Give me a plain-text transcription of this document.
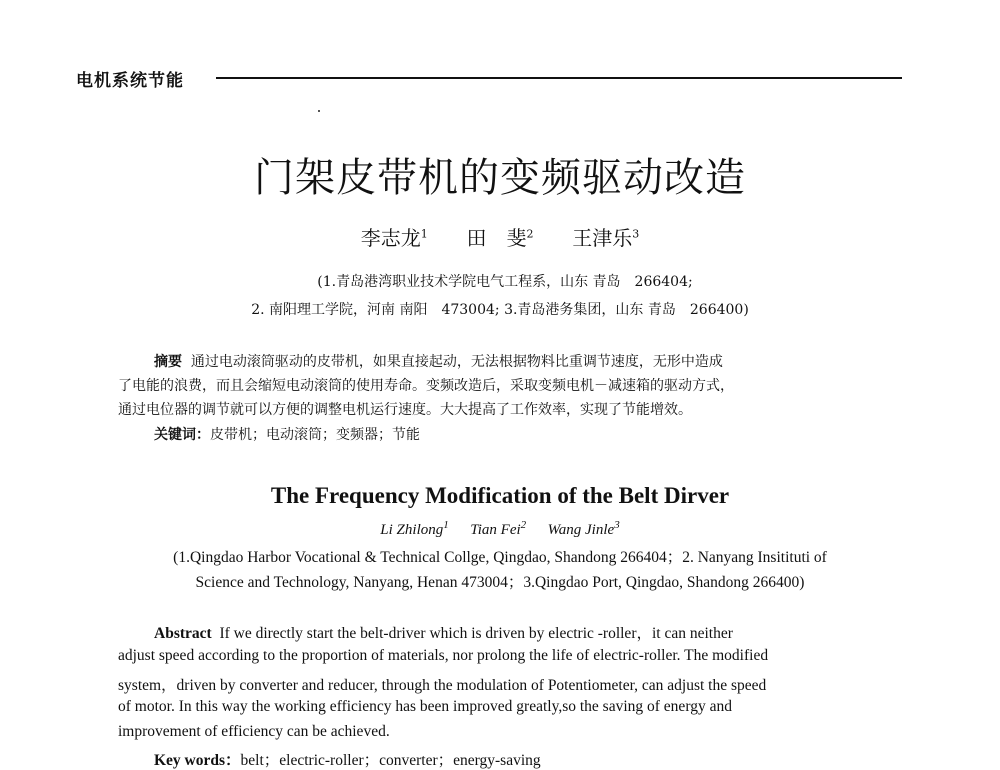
电机系统节能
门架皮带机的变频驱动改造
李志龙$^1$ 田　斐$^2$ 王津乐$^3$
(1.青岛港湾职业技术学院电气工程系，山东 青岛　266404;
2. 南阳理工学院，河南 南阳　473004; 3.青岛港务集团，山东 青岛　266400)
摘要 通过电动滚筒驱动的皮带机，如果直接起动，无法根据物料比重调节速度，无形中造成
了电能的浪费，而且会缩短电动滚筒的使用寿命。变频改造后，采取变频电机－减速箱的驱动方式，
通过电位器的调节就可以方便的调整电机运行速度。大大提高了工作效率，实现了节能增效。
关键词：皮带机；电动滚筒；变频器；节能
The Frequency Modification of the Belt Dirver
Li Zhilong$^1$ Tian Fei$^2$ Wang Jinle$^3$
(1.Qingdao Harbor Vocational & Technical Collge, Qingdao, Shandong 266404；2. Nanyang Insitituti of
Science and Technology, Nanyang, Henan 473004；3.Qingdao Port, Qingdao, Shandong 266400)
Abstract If we directly start the belt-driver which is driven by electric -roller，it can neither
adjust speed according to the proportion of materials, nor prolong the life of electric-roller. The modified
system，driven by converter and reducer, through the modulation of Potentiometer, can adjust the speed
of motor. In this way the working efficiency has been improved greatly,so the saving of energy and
improvement of efficiency can be achieved.
Key words：belt；electric-roller；converter；energy-saving
